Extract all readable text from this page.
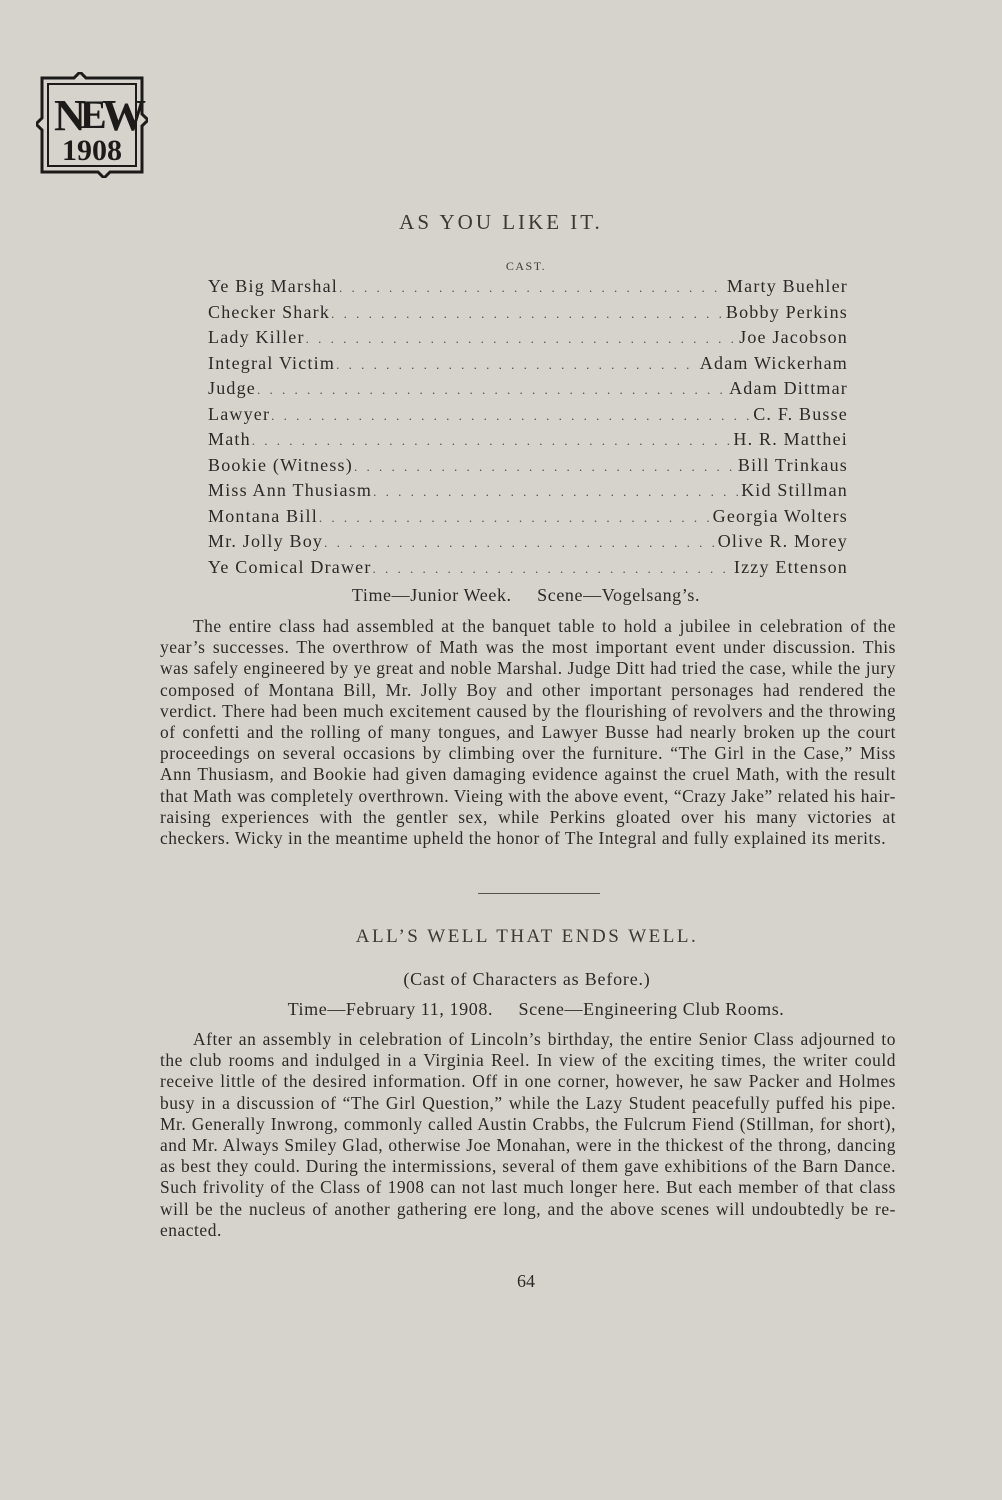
N
E
W
1908
AS YOU LIKE IT.
CAST.
Ye Big Marshal . . .	Marty Buehler
Checker Shark . . .	Bobby Perkins
Lady Killer . . .	Joe Jacobson
Integral Victim . . .	Adam Wickerham
Judge . . .	Adam Dittmar
Lawyer . . .	C. F. Busse
Math . . .	H. R. Matthei
Bookie (Witness) . . .	Bill Trinkaus
Miss Ann Thusiasm . . .	Kid Stillman
Montana Bill . . .	Georgia Wolters
Mr. Jolly Boy . . .	Olive R. Morey
Ye Comical Drawer . . .	Izzy Ettenson
Time—Junior Week.     Scene—Vogelsang’s.

The entire class had assembled at the banquet table to hold a jubilee in celebration of the year’s successes. The overthrow of Math was the most important event under discussion. This was safely engineered by ye great and noble Marshal. Judge Ditt had tried the case, while the jury composed of Montana Bill, Mr. Jolly Boy and other important personages had rendered the verdict. There had been much excitement caused by the flourishing of revolvers and the throwing of confetti and the rolling of many tongues, and Lawyer Busse had nearly broken up the court proceedings on several occasions by climbing over the furniture. “The Girl in the Case,” Miss Ann Thusiasm, and Bookie had given damaging evidence against the cruel Math, with the result that Math was completely overthrown. Vieing with the above event, “Crazy Jake” related his hair-raising experiences with the gentler sex, while Perkins gloated over his many victories at checkers. Wicky in the meantime upheld the honor of The Integral and fully explained its merits.

ALL’S WELL THAT ENDS WELL.
(Cast of Characters as Before.)
Time—February 11, 1908.     Scene—Engineering Club Rooms.

After an assembly in celebration of Lincoln’s birthday, the entire Senior Class adjourned to the club rooms and indulged in a Virginia Reel. In view of the exciting times, the writer could receive little of the desired information. Off in one corner, however, he saw Packer and Holmes busy in a discussion of “The Girl Question,” while the Lazy Student peacefully puffed his pipe. Mr. Generally Inwrong, commonly called Austin Crabbs, the Fulcrum Fiend (Stillman, for short), and Mr. Always Smiley Glad, otherwise Joe Monahan, were in the thickest of the throng, dancing as best they could. During the intermissions, several of them gave exhibitions of the Barn Dance. Such frivolity of the Class of 1908 can not last much longer here. But each member of that class will be the nucleus of another gathering ere long, and the above scenes will undoubtedly be re-enacted.

64
